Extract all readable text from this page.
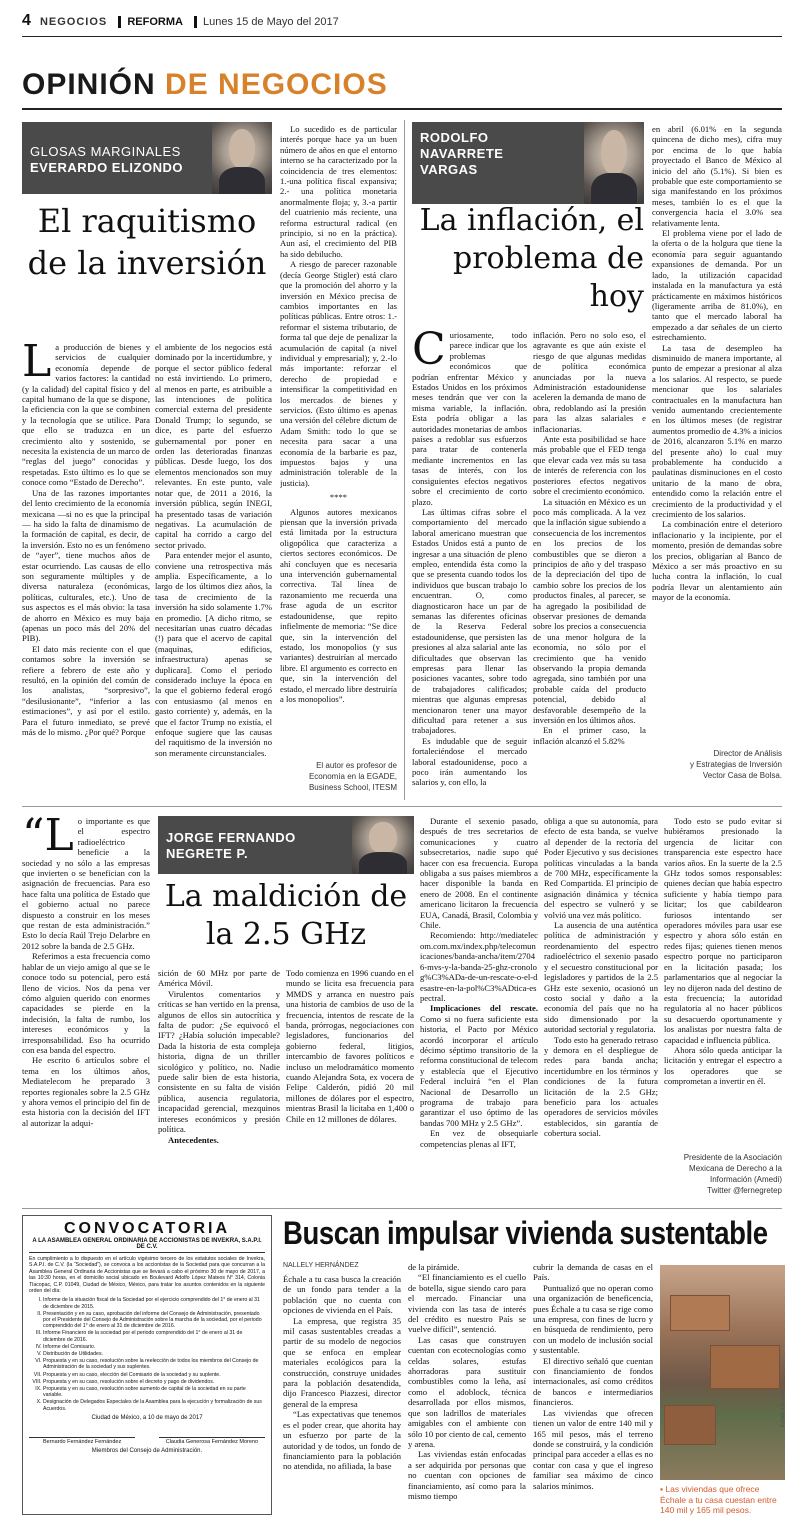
4 NEGOCIOS REFORMA Lunes 15 de Mayo del 2017
OPINIÓN DE NEGOCIOS
GLOSAS MARGINALES
EVERARDO ELIZONDO
El raquitismo de la inversión

La producción de bienes y servicios de cualquier economía depende de varios factores: la cantidad (y la calidad) del capital físico y del capital humano de la que se dispone, la eficiencia con la que se combinen y la tecnología que se utilice. Para que ello se traduzca en un crecimiento alto y sostenido, se necesita la existencia de un marco de “reglas del juego” conocidas y respetadas. Esto último es lo que se conoce como “Estado de Derecho”.

Una de las razones importantes del lento crecimiento de la economía mexicana —si no es que la principal— ha sido la falta de dinamismo de la formación de capital, es decir, de la inversión. Esto no es un fenómeno de “ayer”, tiene muchos años de estar ocurriendo. Las causas de ello son seguramente múltiples y de diversa naturaleza (económicas, políticas, culturales, etc.). Uno de sus aspectos es el más obvio: la tasa de ahorro en México es muy baja (apenas un poco más del 20% del PIB).

El dato más reciente con el que contamos sobre la inversión se refiere a febrero de este año y resultó, en la opinión del común de los analistas, “sorpresivo”, “desilusionante”, “inferior a las estimaciones”, y así por el estilo. Para el futuro inmediato, se prevé más de lo mismo. ¿Por qué? Porque

el ambiente de los negocios está dominado por la incertidumbre, y porque el sector público federal no está invirtiendo. Lo primero, al menos en parte, es atribuible a las intenciones de política comercial externa del presidente Donald Trump; lo segundo, se dice, es parte del esfuerzo gubernamental por poner en orden las deterioradas finanzas públicas. Desde luego, los dos elementos mencionados son muy relevantes. En este punto, vale notar que, de 2011 a 2016, la inversión pública, según INEGI, ha presentado tasas de variación negativas. La acumulación de capital ha corrido a cargo del sector privado.

Para entender mejor el asunto, conviene una retrospectiva más amplia. Específicamente, a lo largo de los últimos diez años, la tasa de crecimiento de la inversión ha sido solamente 1.7% en promedio. [A dicho ritmo, se necesitarían unas cuatro décadas (!) para que el acervo de capital (maquinas, edificios, infraestructura) apenas se duplicara]. Como el periodo considerado incluye la época en la que el gobierno federal erogó con entusiasmo (al menos en gasto corriente) y, además, en la que el factor Trump no existía, el enfoque sugiere que las causas del raquitismo de la inversión no son meramente circunstanciales.

Lo sucedido es de particular interés porque hace ya un buen número de años en que el entorno interno se ha caracterizado por la coincidencia de tres elementos: 1.-una política fiscal expansiva; 2.- una política monetaria anormalmente floja; y, 3.-a partir del cuatrienio más reciente, una reforma estructural radical (en principio, si no en la práctica). Aun así, el crecimiento del PIB ha sido debilucho.

A riesgo de parecer razonable (decía George Stigler) está claro que la promoción del ahorro y la inversión en México precisa de cambios importantes en las políticas públicas. Entre otros: 1.-reformar el sistema tributario, de forma tal que deje de penalizar la acumulación de capital (a nivel individual y empresarial); y, 2.-lo más importante: reforzar el derecho de propiedad e intensificar la competitividad en los mercados de bienes y servicios. (Esto último es apenas una versión del célebre dictum de Adam Smith: todo lo que se necesita para sacar a una economía de la barbarie es paz, impuestos bajos y una administración tolerable de la justicia).

****

Algunos autores mexicanos piensan que la inversión privada está limitada por la estructura oligopólica que caracteriza a ciertos sectores económicos. De ahí concluyen que es necesaria una intervención gubernamental correctiva. Tal línea de razonamiento me recuerda una frase aguda de un escritor estadounidense, que repito infielmente de memoria: “Se dice que, sin la intervención del estado, los monopolios (y sus variantes) destruirían al mercado libre. El argumento es correcto en que, sin la intervención del estado, el mercado libre destruiría a los monopolios”.

El autor es profesor de
Economía en la EGADE,
Business School, ITESM
RODOLFO
NAVARRETE
VARGAS
La inflación, el problema de hoy

Curiosamente, todo parece indicar que los problemas económicos que podrían enfrentar México y Estados Unidos en los próximos meses tendrán que ver con la misma variable, la inflación. Esta podría obligar a las autoridades monetarias de ambos países a redoblar sus esfuerzos para tratar de contenerla mediante incrementos en las tasas de interés, con los consiguientes efectos negativos sobre el crecimiento de corto plazo.

Las últimas cifras sobre el comportamiento del mercado laboral americano muestran que Estados Unidos está a punto de ingresar a una situación de pleno empleo, entendida ésta como la que se presenta cuando todos los individuos que buscan trabajo lo encuentran. O, como diagnosticaron hace un par de semanas las diferentes oficinas de la Reserva Federal estadounidense, que persisten las presiones al alza salarial ante las dificultades que observan las empresas para llenar las posiciones vacantes, sobre todo de trabajadores calificados; mientras que algunas empresas mencionaron tener una mayor dificultad para retener a sus trabajadores.

Es indudable que de seguir fortaleciéndose el mercado laboral estadounidense, poco a poco irán aumentando los salarios y, con ello, la

inflación. Pero no solo eso, el agravante es que aún existe el riesgo de que algunas medidas de política económica anunciadas por la nueva Administración estadounidense aceleren la demanda de mano de obra, redoblando así la presión para las alzas salariales e inflacionarias.

Ante esta posibilidad se hace más probable que el FED tenga que elevar cada vez más su tasa de interés de referencia con los posteriores efectos negativos sobre el crecimiento económico.

La situación en México es un poco más complicada. A la vez que la inflación sigue subiendo a consecuencia de los incrementos en los precios de los combustibles que se dieron a principios de año y del traspaso de la depreciación del tipo de cambio sobre los precios de los productos finales, al parecer, se ha agregado la posibilidad de observar presiones de demanda sobre los precios a consecuencia de una menor holgura de la economía, no sólo por el crecimiento que ha venido observando la propia demanda agregada, sino también por una probable caída del producto potencial, debido al desfavorable desempeño de la inversión en los últimos años.

En el primer caso, la inflación alcanzó el 5.82%

en abril (6.01% en la segunda quincena de dicho mes), cifra muy por encima de lo que había proyectado el Banco de México al inicio del año (5.1%). Si bien es probable que este comportamiento se siga manifestando en los próximos meses, también lo es el que la convergencia hacia el 3.0% sea relativamente lenta.

El problema viene por el lado de la oferta o de la holgura que tiene la economía para seguir aguantando expansiones de demanda. Por un lado, la utilización capacidad instalada en la manufactura ya está prácticamente en máximos históricos (ligeramente arriba de 81.0%), en tanto que el mercado laboral ha empezado a dar señales de un cierto estrechamiento.

La tasa de desempleo ha disminuido de manera importante, al punto de empezar a presionar al alza a los salarios. Al respecto, se puede mencionar que los salariales contractuales en la manufactura han venido aumentando crecientemente en los últimos meses (de registrar aumentos promedio de 4.3% a inicios de 2016, alcanzaron 5.1% en marzo del presente año) lo cual muy probablemente ha conducido a paulatinas disminuciones en el costo unitario de la mano de obra, entendido como la relación entre el crecimiento de la productividad y el crecimiento de los salarios.

La combinación entre el deterioro inflacionario y la incipiente, por el momento, presión de demandas sobre los precios, obligarían al Banco de México a ser más proactivo en su lucha contra la inflación, lo cual podría llevar un alentamiento aún mayor de la economía.

Director de Análisis
y Estrategias de Inversión
Vector Casa de Bolsa.

“Lo importante es que el espectro radioeléctrico beneficie a la sociedad y no sólo a las empresas que invierten o se benefician con la asignación de frecuencias. Para eso hace falta una política de Estado que el gobierno actual no parece dispuesto a construir en los meses que restan de esta administración.” Esto lo decía Raúl Trejo Delarbre en 2012 sobre la banda de 2.5 GHz.

Referimos a esta frecuencia como hablar de un viejo amigo al que se le conoce todo su potencial, pero está lleno de vicios. Nos da pena ver cómo alguien querido con enormes capacidades se pierde en la indecisión, la falta de rumbo, los intereses económicos y la irresponsabilidad. Eso ha ocurrido con esa banda del espectro.

He escrito 6 artículos sobre el tema en los últimos años, Mediatelecom he preparado 3 reportes regionales sobre la 2.5 GHz y ahora vemos el principio del fin de esta historia con la decisión del IFT al autorizar la adqui-

JORGE FERNANDO
NEGRETE P.
La maldición de la 2.5 GHz

sición de 60 MHz por parte de América Móvil.

Virulentos comentarios y críticas se han vertido en la prensa, algunos de ellos sin autocrítica y falta de pudor: ¿Se equivocó el IFT? ¿Había solución impecable? Dada la historia de esta compleja historia, digna de un thriller sicológico y político, no. Nadie puede salir bien de esta historia, consistente en su falta de visión pública, ausencia regulatoria, incapacidad gerencial, mezquinos intereses económicos y presión política.

Antecedentes.

Todo comienza en 1996 cuando en el mundo se licita esa frecuencia para MMDS y arranca en nuestro país una historia de cambios de uso de la frecuencia, intentos de rescate de la banda, prórrogas, negociaciones con legisladores, funcionarios del gobierno federal, litigios, intercambio de favores políticos e incluso un melodramático momento cuando Alejandra Sota, ex vocera de Felipe Calderón, pidió 20 mil millones de dólares por el espectro, mientras Brasil la licitaba en 1,400 o Chile en 12 millones de dólares.

Durante el sexenio pasado, después de tres secretarios de comunicaciones y cuatro subsecretarios, nadie supo qué hacer con esa frecuencia. Europa obligaba a sus países miembros a hacer disponible la banda en enero de 2008. En el continente americano licitaron la frecuencia EUA, Canadá, Brasil, Colombia y Chile.

Recomiendo: http://mediatelecom.com.mx/index.php/telecomunicaciones/banda-ancha/item/27046-mvs-y-la-banda-25-ghz-cronolog%C3%ADa-de-un-rescate-o-el-desastre-en-la-pol%C3%ADtica-espectral.

Implicaciones del rescate. Como si no fuera suficiente esta historia, el Pacto por México acordó incorporar el artículo décimo séptimo transitorio de la reforma constitucional de telecom y establecía que el Ejecutivo Federal incluirá “en el Plan Nacional de Desarrollo un programa de trabajo para garantizar el uso óptimo de las bandas 700 MHz y 2.5 GHz”.

En vez de obsequiarle competencias plenas al IFT,

obliga a que su autonomía, para efecto de esta banda, se vuelve al depender de la rectoría del Poder Ejecutivo y sus decisiones políticas vinculadas a la banda de 700 MHz, específicamente la Red Compartida. El principio de asignación dinámica y técnica del espectro se vulneró y se volvió una vez más político.

La ausencia de una auténtica política de administración y reordenamiento del espectro radioeléctrico el sexenio pasado y el secuestro constitucional por legisladores y partidos de la 2.5 GHz este sexenio, ocasionó un costo social y daño a la economía del país que no ha sido dimensionado por la autoridad sectorial y regulatoria.

Todo esto ha generado retraso y demora en el despliegue de redes para banda ancha; incertidumbre en los términos y condiciones de la futura licitación de la 2.5 GHz; beneficio para los actuales operadores de servicios móviles establecidos, sin garantía de cobertura social.

Todo esto se pudo evitar si hubiéramos presionado la urgencia de licitar con transparencia este espectro hace varios años. En la suerte de la 2.5 GHz todos somos responsables: quienes decían que había espectro suficiente y había tiempo para licitar; los que cabildearon furiosos intentando ser operadores móviles para usar ese espectro y ahora sólo están en redes fijas; quienes tienen menos espectro porque no participaron en la licitación pasada; los parlamentarios que al negociar la ley no dijeron nada del destino de esta frecuencia; la autoridad regulatoria al no hacer públicos su desacuerdo oportunamente y los analistas por nuestra falta de capacidad e influencia pública.

Ahora sólo queda anticipar la licitación y entregar el espectro a los operadores que se comprometan a invertir en él.

Presidente de la Asociación
Mexicana de Derecho a la
Información (Amedi)
Twitter @fernegretep
CONVOCATORIA
A LA ASAMBLEA GENERAL ORDINARIA DE ACCIONISTAS DE INVEKRA, S.A.P.I. DE C.V.
En cumplimiento a lo dispuesto en el artículo vigésimo tercero de los estatutos sociales de Invekra, S.A.P.I. de C.V. (la “Sociedad”), se convoca a los accionistas de la Sociedad para que concurran a la Asamblea General Ordinaria de Accionistas que se llevará a cabo el próximo 30 de mayo de 2017, a las 10:30 horas, en el domicilio social ubicado en Boulevard Adolfo López Mateos N° 314, Colonia Tlacopac, C.P. 01049, Ciudad de México, México, para tratar los asuntos contenidos en la siguiente orden del día:
I. Informe de la situación fiscal de la Sociedad por el ejercicio comprendido del 1° de enero al 31 de diciembre de 2015.
II. Presentación y en su caso, aprobación del informe del Consejo de Administración, presentado por el Presidente del Consejo de Administración sobre la marcha de la sociedad, por el periodo comprendido del 1° de enero al 31 de diciembre de 2016.
III. Informe Financiero de la sociedad por el periodo comprendido del 1° de enero al 31 de diciembre de 2016.
IV. Informe del Comisario.
V. Distribución de Utilidades.
VI. Propuesta y en su caso, resolución sobre la reelección de todos los miembros del Consejo de Administración de la sociedad y sus suplentes.
VII. Propuesta y en su caso, elección del Comisario de la sociedad y su suplente.
VIII. Propuesta y en su caso, resolución sobre el decreto y pago de dividendos.
IX. Propuesta y en su caso, resolución sobre aumento de capital de la sociedad en su parte variable.
X. Designación de Delegados Especiales de la Asamblea para la ejecución y formalización de sus Acuerdos.
Ciudad de México, a 10 de mayo de 2017
Bernardo Fernández Fernández	Claudia Generosa Fernández Moreno
Miembros del Consejo de Administración.
Buscan impulsar vivienda sustentable
NALLELY HERNÁNDEZ

Échale a tu casa busca la creación de un fondo para tender a la población que no cuenta con opciones de vivienda en el País.

La empresa, que registra 35 mil casas sustentables creadas a partir de su modelo de negocios que se enfoca en emplear materiales ecológicos para la construcción, construye unidades para la población desatendida, dijo Francesco Piazzesi, director general de la empresa

“Las expectativas que tenemos es el poder crear, que ahorita hay un esfuerzo por parte de la autoridad y de todos, un fondo de financiamiento para la población no atendida, no afiliada, la base

de la pirámide.

“El financiamiento es el cuello de botella, sigue siendo caro para el mercado. Financiar una vivienda con las tasa de interés del crédito es nuestro País se vuelve difícil”, sentenció.

Las casas que construyen cuentan con ecotecnologías como celdas solares, estufas ahorradoras para sustituir combustibles como la leña, así como el adoblock, técnica desarrollada por ellos mismos, que son ladrillos de materiales amigables con el ambiente con sólo 10 por ciento de cal, cemento y arena.

Las viviendas están enfocadas a ser adquirida por personas que no cuentan con opciones de financiamiento, así como para la mismo tiempo

cubrir la demanda de casas en el País.

Puntualizó que no operan como una organización de beneficencia, pues Échale a tu casa se rige como una empresa, con fines de lucro y en búsqueda de rendimiento, pero con un modelo de inclusión social y sustentable.

El directivo señaló que cuentan con financiamiento de fondos internacionales, así como créditos de bancos e intermediarios financieros.

Las viviendas que ofrecen tienen un valor de entre 140 mil y 165 mil pesos, más el terreno donde se construirá, y la condición principal para acceder a ellas es no contar con casa y que el ingreso familiar sea máximo de cinco salarios mínimos.

Échale a tu casa
▪ Las viviendas que ofrece Échale a tu casa cuestan entre 140 mil y 165 mil pesos.
